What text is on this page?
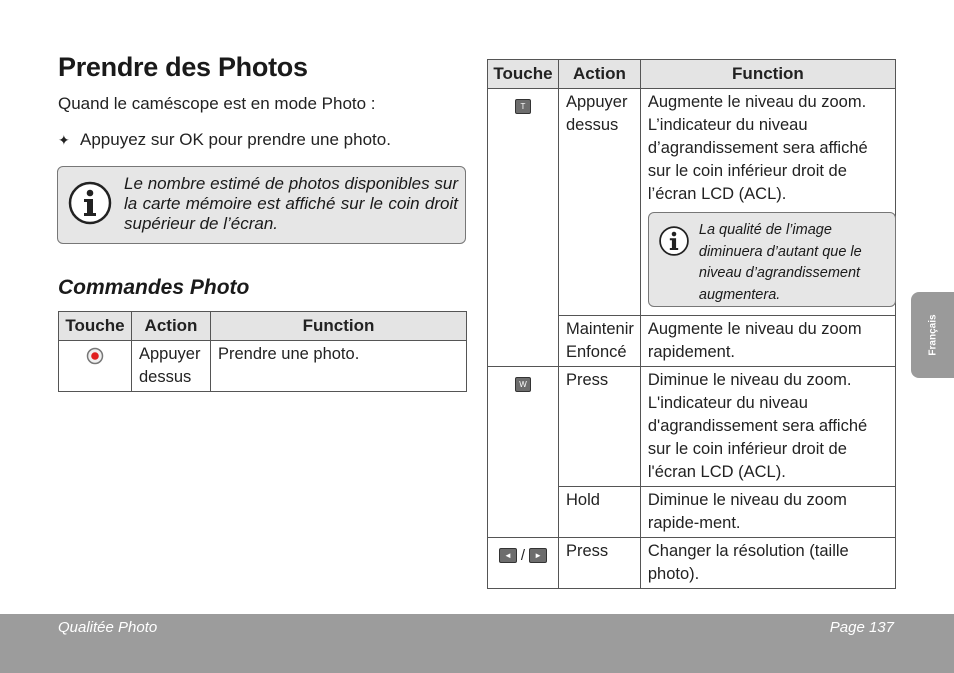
Prendre des Photos
Quand le caméscope est en mode Photo :
✦ Appuyez sur OK pour prendre une photo.
Le nombre estimé de photos disponibles sur la carte mémoire est affiché sur le coin droit supérieur de l’écran.
Commandes Photo
Touche	Action	Function
	Appuyer dessus	Prendre une photo.
Touche	Action	Function
T	Appuyer dessus	Augmente le niveau du zoom. L’indicateur du niveau d’agrandissement sera affiché sur le coin inférieur droit de l’écran LCD (ACL).
La qualité de l’image diminuera d’autant que le niveau d’agrandissement augmentera.

	Maintenir Enfoncé	Augmente le niveau du zoom rapidement.
W	Press	Diminue le niveau du zoom. L'indicateur du niveau d'agrandissement sera affiché sur le coin inférieur droit de l'écran LCD (ACL).
	Hold	Diminue le niveau du zoom rapide-ment.
◄ / ►	Press	Changer la résolution (taille photo).
Français
Qualitée Photo	Page 137
